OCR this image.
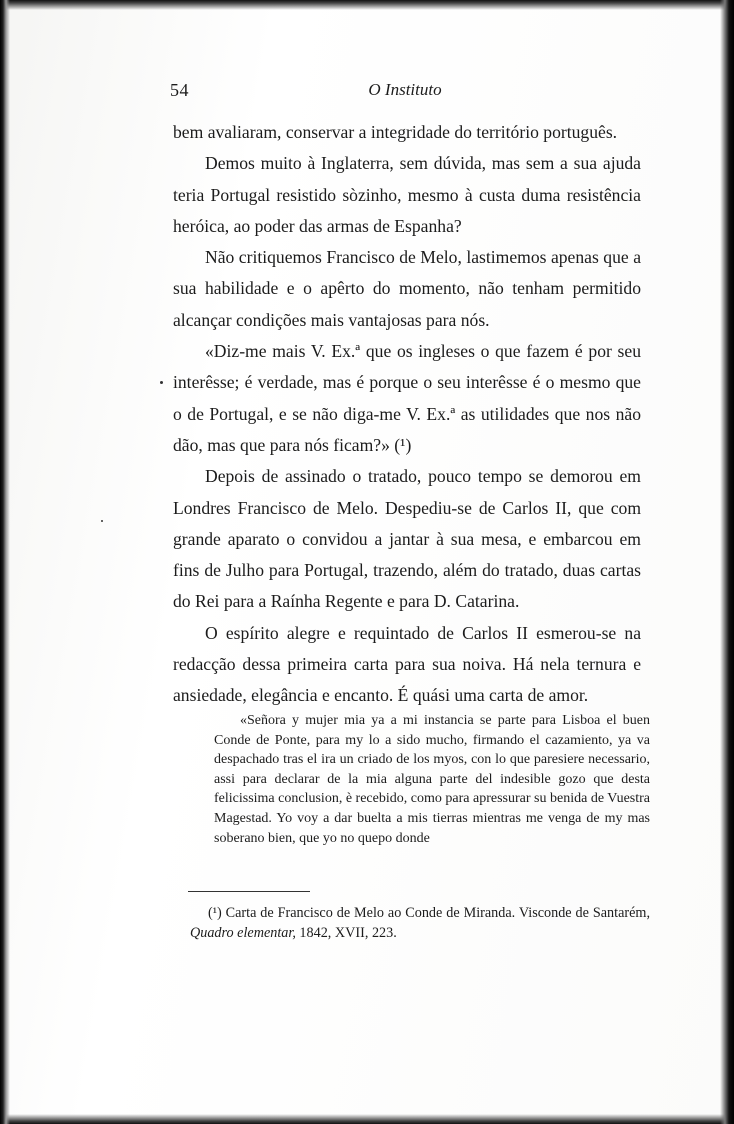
54	O Instituto

bem avaliaram, conservar a integridade do território português.

Demos muito à Inglaterra, sem dúvida, mas sem a sua ajuda teria Portugal resistido sòzinho, mesmo à custa duma resistência heróica, ao poder das armas de Espanha?

Não critiquemos Francisco de Melo, lastimemos apenas que a sua habilidade e o apêrto do momento, não tenham permitido alcançar condições mais vantajosas para nós.

«Diz-me mais V. Ex.ª que os ingleses o que fazem é por seu interêsse; é verdade, mas é porque o seu interêsse é o mesmo que o de Portugal, e se não diga-me V. Ex.ª as utilidades que nos não dão, mas que para nós ficam?» (¹)

Depois de assinado o tratado, pouco tempo se demorou em Londres Francisco de Melo. Despediu-se de Carlos II, que com grande aparato o convidou a jantar à sua mesa, e embarcou em fins de Julho para Portugal, trazendo, além do tratado, duas cartas do Rei para a Raínha Regente e para D. Catarina.

O espírito alegre e requintado de Carlos II esmerou-se na redacção dessa primeira carta para sua noiva. Há nela ternura e ansiedade, elegância e encanto. É quási uma carta de amor.

«Señora y mujer mia ya a mi instancia se parte para Lisboa el buen Conde de Ponte, para my lo a sido mucho, firmando el cazamiento, ya va despachado tras el ira un criado de los myos, con lo que paresiere necessario, assi para declarar de la mia alguna parte del indesible gozo que desta felicissima conclusion, è recebido, como para apressurar su benida de Vuestra Magestad. Yo voy a dar buelta a mis tierras mientras me venga de my mas soberano bien, que yo no quepo donde

(¹) Carta de Francisco de Melo ao Conde de Miranda. Visconde de Santarém, Quadro elementar, 1842, XVII, 223.
